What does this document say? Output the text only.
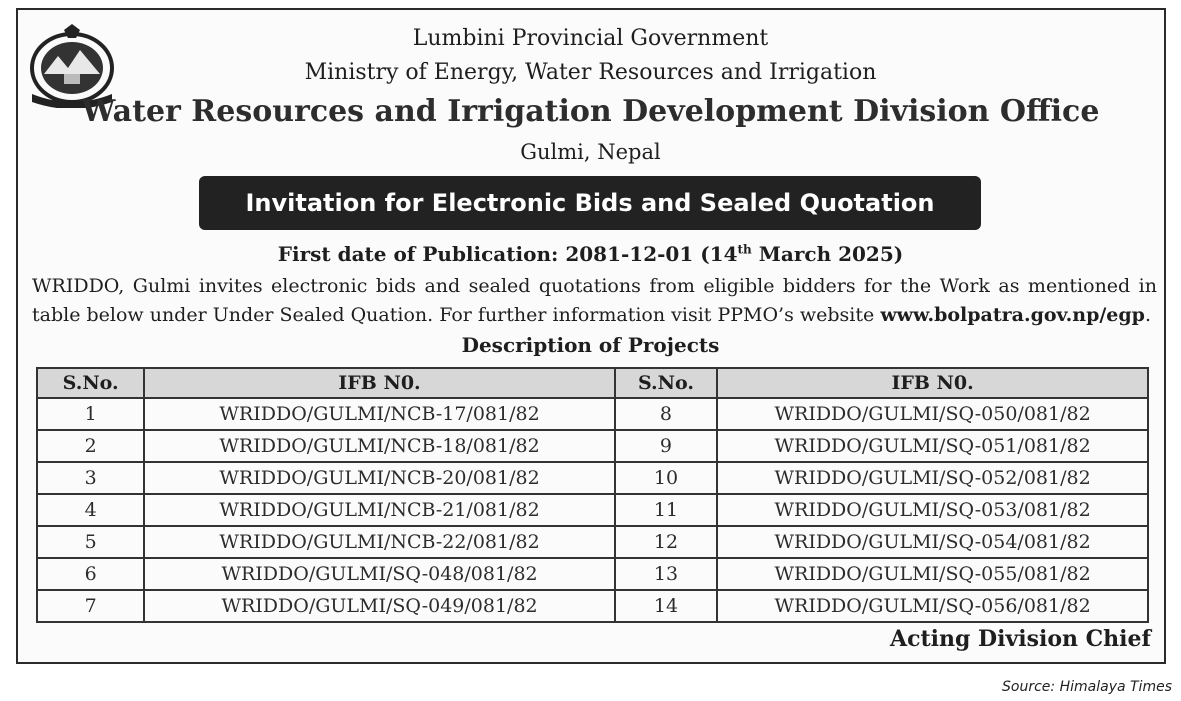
Lumbini Provincial Government
Ministry of Energy, Water Resources and Irrigation
Water Resources and Irrigation Development Division Office
Gulmi, Nepal
Invitation for Electronic Bids and Sealed Quotation
First date of Publication: 2081-12-01 (14th March 2025)
WRIDDO, Gulmi invites electronic bids and sealed quotations from eligible bidders for the Work as mentioned in table below under Under Sealed Quation. For further information visit PPMO’s website www.bolpatra.gov.np/egp.
Description of Projects
S.No.	IFB N0.	S.No.	IFB N0.
1	WRIDDO/GULMI/NCB-17/081/82	8	WRIDDO/GULMI/SQ-050/081/82
2	WRIDDO/GULMI/NCB-18/081/82	9	WRIDDO/GULMI/SQ-051/081/82
3	WRIDDO/GULMI/NCB-20/081/82	10	WRIDDO/GULMI/SQ-052/081/82
4	WRIDDO/GULMI/NCB-21/081/82	11	WRIDDO/GULMI/SQ-053/081/82
5	WRIDDO/GULMI/NCB-22/081/82	12	WRIDDO/GULMI/SQ-054/081/82
6	WRIDDO/GULMI/SQ-048/081/82	13	WRIDDO/GULMI/SQ-055/081/82
7	WRIDDO/GULMI/SQ-049/081/82	14	WRIDDO/GULMI/SQ-056/081/82
Acting Division Chief
Source: Himalaya Times
